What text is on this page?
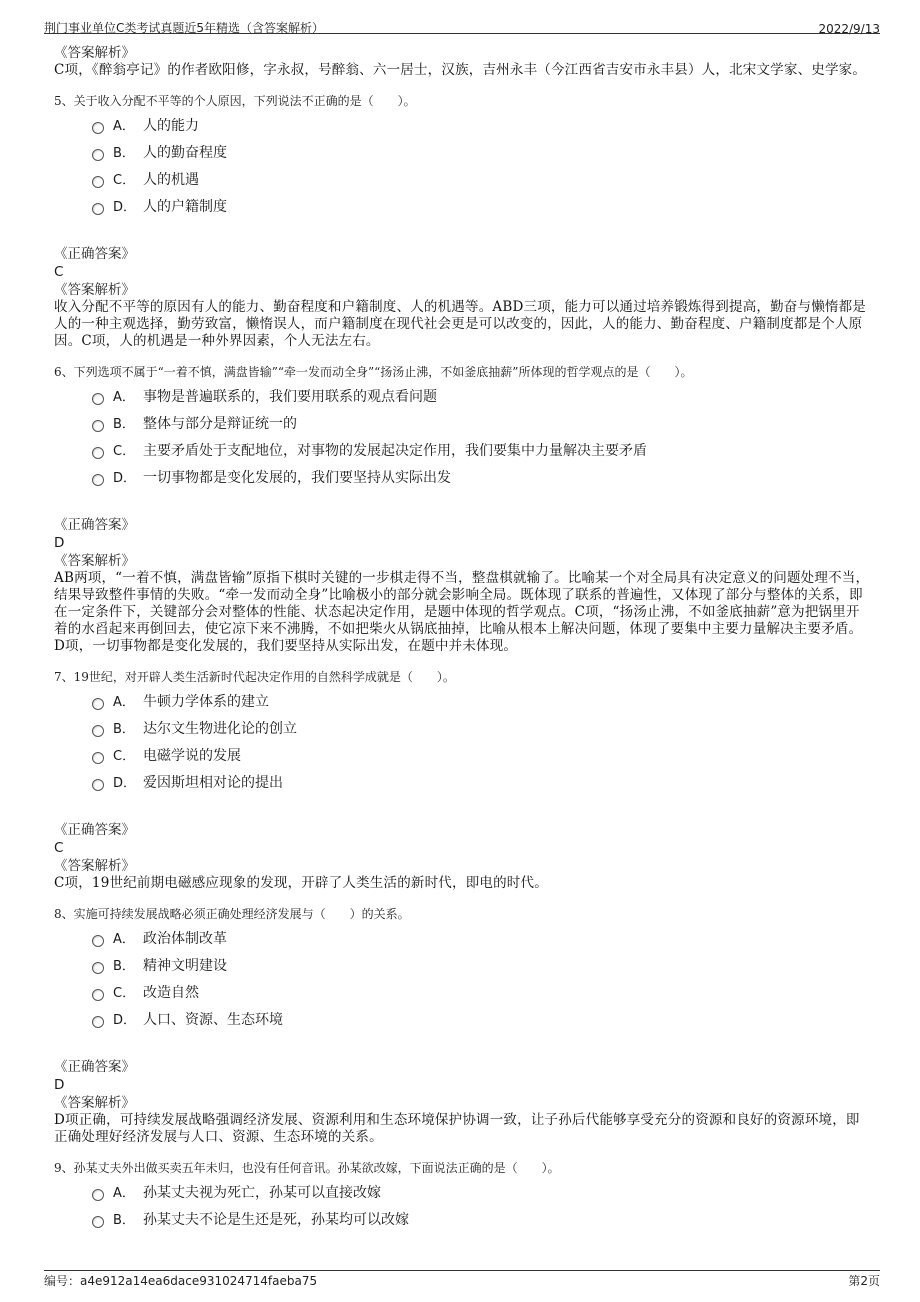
荆门事业单位C类考试真题近5年精选（含答案解析）	2022/9/13
《答案解析》
C项，《醉翁亭记》的作者欧阳修，字永叔，号醉翁、六一居士，汉族，吉州永丰（今江西省吉安市永丰县）人，北宋文学家、史学家。
5、关于收入分配不平等的个人原因，下列说法不正确的是（　　）。
A． 人的能力
B． 人的勤奋程度
C． 人的机遇
D． 人的户籍制度
《正确答案》
C
《答案解析》
收入分配不平等的原因有人的能力、勤奋程度和户籍制度、人的机遇等。ABD三项，能力可以通过培养锻炼得到提高，勤奋与懒惰都是人的一种主观选择，勤劳致富，懒惰误人，而户籍制度在现代社会更是可以改变的，因此，人的能力、勤奋程度、户籍制度都是个人原因。C项，人的机遇是一种外界因素，个人无法左右。
6、下列选项不属于“一着不慎，满盘皆输”“牵一发而动全身”“扬汤止沸，不如釜底抽薪”所体现的哲学观点的是（　　）。
A． 事物是普遍联系的，我们要用联系的观点看问题
B． 整体与部分是辩证统一的
C． 主要矛盾处于支配地位，对事物的发展起决定作用，我们要集中力量解决主要矛盾
D． 一切事物都是变化发展的，我们要坚持从实际出发
《正确答案》
D
《答案解析》
AB两项，“一着不慎，满盘皆输”原指下棋时关键的一步棋走得不当，整盘棋就输了。比喻某一个对全局具有决定意义的问题处理不当，结果导致整件事情的失败。“牵一发而动全身”比喻极小的部分就会影响全局。既体现了联系的普遍性，又体现了部分与整体的关系，即在一定条件下，关键部分会对整体的性能、状态起决定作用，是题中体现的哲学观点。C项，“扬汤止沸，不如釜底抽薪”意为把锅里开着的水舀起来再倒回去，使它凉下来不沸腾，不如把柴火从锅底抽掉，比喻从根本上解决问题，体现了要集中主要力量解决主要矛盾。D项，一切事物都是变化发展的，我们要坚持从实际出发，在题中并未体现。
7、19世纪，对开辟人类生活新时代起决定作用的自然科学成就是（　　）。
A． 牛顿力学体系的建立
B． 达尔文生物进化论的创立
C． 电磁学说的发展
D． 爱因斯坦相对论的提出
《正确答案》
C
《答案解析》
C项，19世纪前期电磁感应现象的发现，开辟了人类生活的新时代，即电的时代。
8、实施可持续发展战略必须正确处理经济发展与（　　）的关系。
A． 政治体制改革
B． 精神文明建设
C． 改造自然
D． 人口、资源、生态环境
《正确答案》
D
《答案解析》
D项正确，可持续发展战略强调经济发展、资源利用和生态环境保护协调一致，让子孙后代能够享受充分的资源和良好的资源环境，即正确处理好经济发展与人口、资源、生态环境的关系。
9、孙某丈夫外出做买卖五年未归，也没有任何音讯。孙某欲改嫁，下面说法正确的是（　　）。
A． 孙某丈夫视为死亡，孙某可以直接改嫁
B． 孙某丈夫不论是生还是死，孙某均可以改嫁
编号：a4e912a14ea6dace931024714faeba75	第2页
